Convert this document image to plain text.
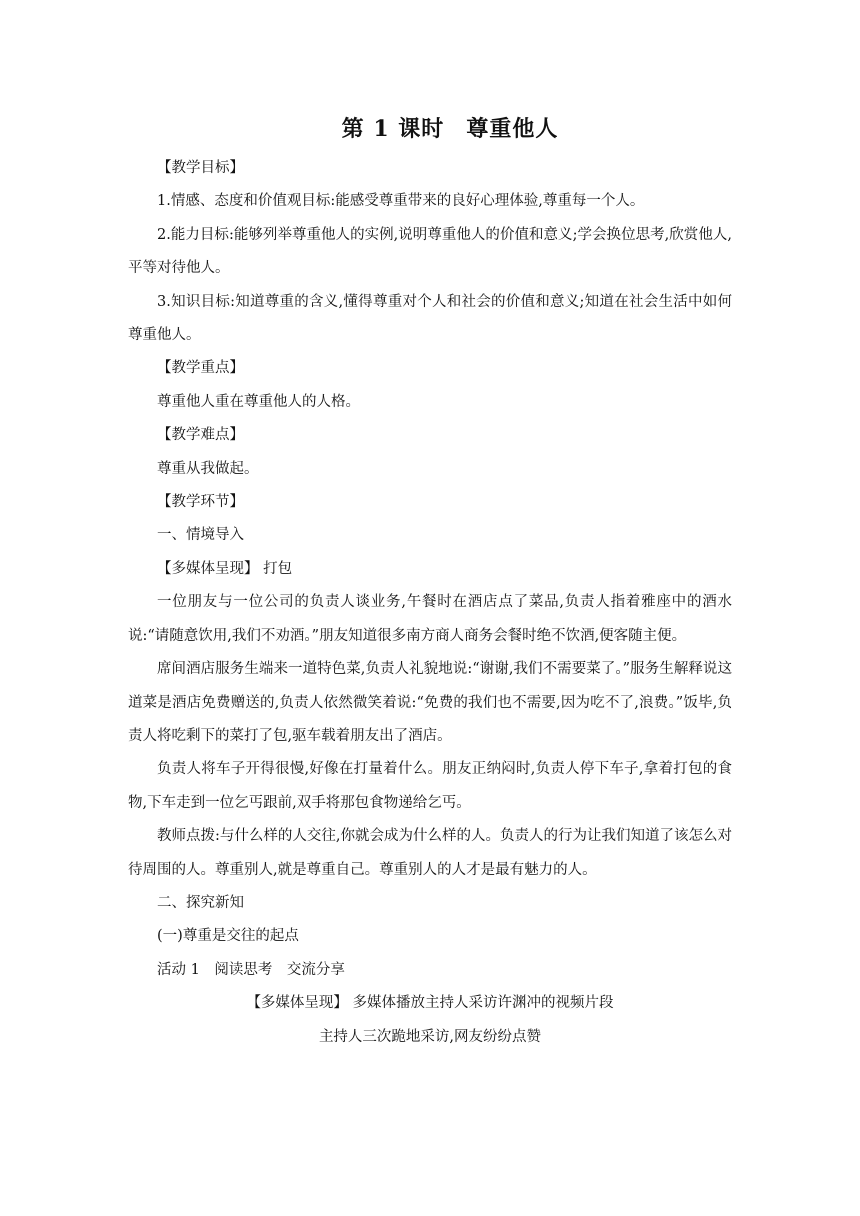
第 1 课时 尊重他人

【教学目标】

1.情感、态度和价值观目标:能感受尊重带来的良好心理体验,尊重每一个人。

2.能力目标:能够列举尊重他人的实例,说明尊重他人的价值和意义;学会换位思考,欣赏他人,平等对待他人。

3.知识目标:知道尊重的含义,懂得尊重对个人和社会的价值和意义;知道在社会生活中如何尊重他人。

【教学重点】

尊重他人重在尊重他人的人格。

【教学难点】

尊重从我做起。

【教学环节】

一、情境导入

【多媒体呈现】 打包

一位朋友与一位公司的负责人谈业务,午餐时在酒店点了菜品,负责人指着雅座中的酒水说:“请随意饮用,我们不劝酒。”朋友知道很多南方商人商务会餐时绝不饮酒,便客随主便。

席间酒店服务生端来一道特色菜,负责人礼貌地说:“谢谢,我们不需要菜了。”服务生解释说这道菜是酒店免费赠送的,负责人依然微笑着说:“免费的我们也不需要,因为吃不了,浪费。”饭毕,负责人将吃剩下的菜打了包,驱车载着朋友出了酒店。

负责人将车子开得很慢,好像在打量着什么。朋友正纳闷时,负责人停下车子,拿着打包的食物,下车走到一位乞丐跟前,双手将那包食物递给乞丐。

教师点拨:与什么样的人交往,你就会成为什么样的人。负责人的行为让我们知道了该怎么对待周围的人。尊重别人,就是尊重自己。尊重别人的人才是最有魅力的人。

二、探究新知

(一)尊重是交往的起点

活动 1　阅读思考　交流分享

【多媒体呈现】 多媒体播放主持人采访许渊冲的视频片段

主持人三次跪地采访,网友纷纷点赞
